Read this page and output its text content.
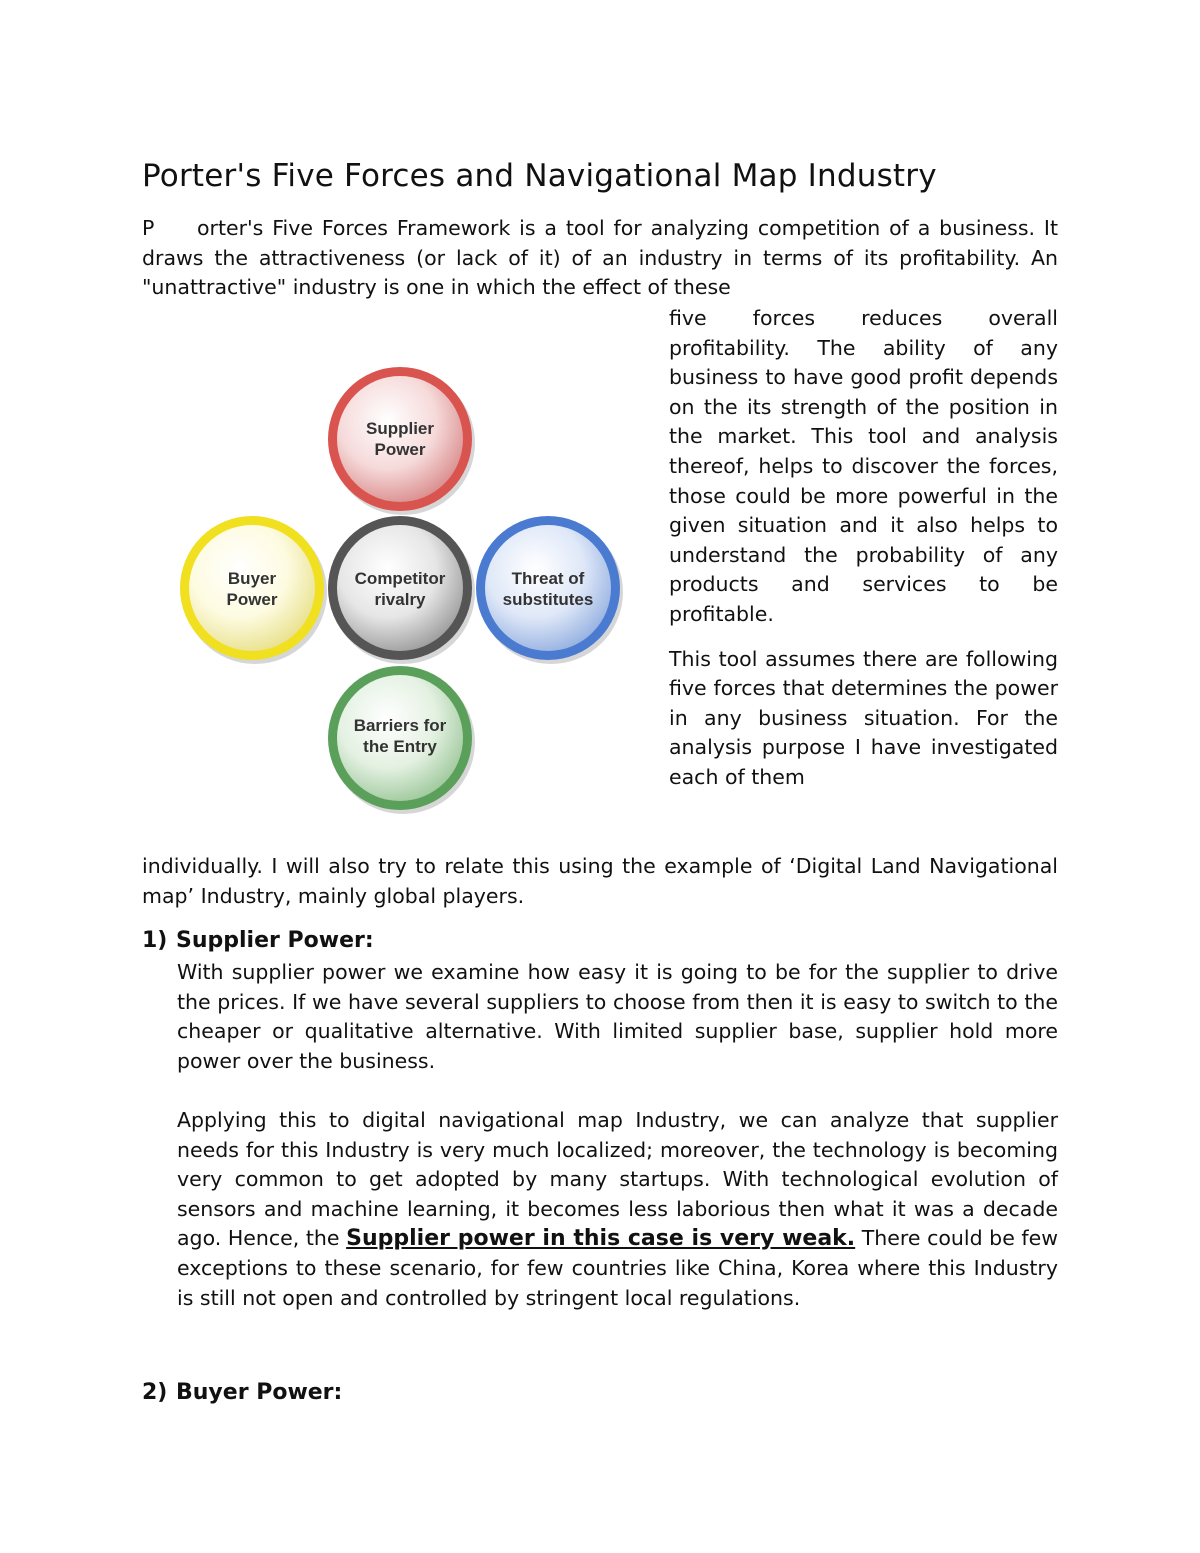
Porter's Five Forces and Navigational Map Industry

P orter's Five Forces Framework is a tool for analyzing competition of a business. It draws the attractiveness (or lack of it) of an industry in terms of its profitability. An "unattractive" industry is one in which the effect of these

Supplier
Power
Buyer
Power
Threat of
substitutes
Barriers for
the Entry
Competitor
rivalry

five forces reduces overall profitability. The ability of any business to have good profit depends on the its strength of the position in the market. This tool and analysis thereof, helps to discover the forces, those could be more powerful in the given situation and it also helps to understand the probability of any products and services to be profitable.

This tool assumes there are following five forces that determines the power in any business situation. For the analysis purpose I have investigated each of them

individually. I will also try to relate this using the example of ‘Digital Land Navigational map’ Industry, mainly global players.

1) Supplier Power:

With supplier power we examine how easy it is going to be for the supplier to drive the prices. If we have several suppliers to choose from then it is easy to switch to the cheaper or qualitative alternative. With limited supplier base, supplier hold more power over the business.

Applying this to digital navigational map Industry, we can analyze that supplier needs for this Industry is very much localized; moreover, the technology is becoming very common to get adopted by many startups. With technological evolution of sensors and machine learning, it becomes less laborious then what it was a decade ago. Hence, the Supplier power in this case is very weak. There could be few exceptions to these scenario, for few countries like China, Korea where this Industry is still not open and controlled by stringent local regulations.

2) Buyer Power:
